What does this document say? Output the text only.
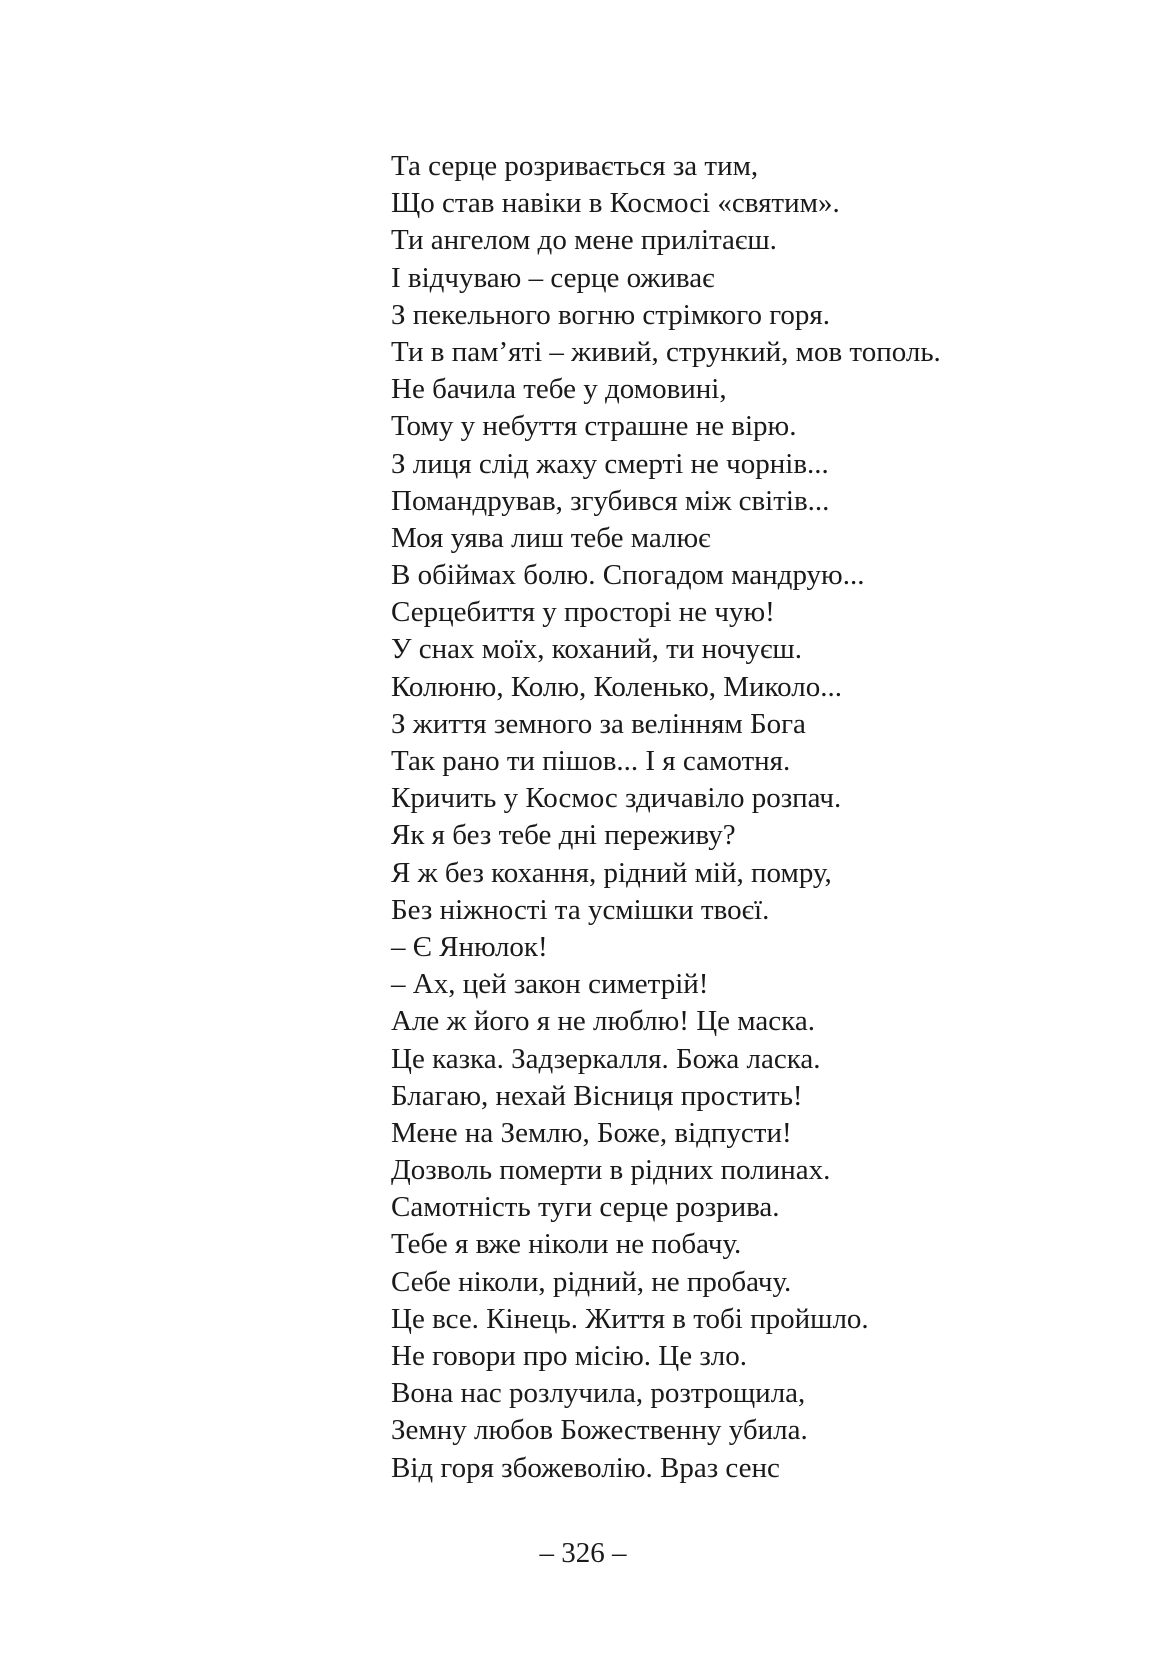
Та серце розривається за тим,
Що став навіки в Космосі «святим».
Ти ангелом до мене прилітаєш.
І відчуваю – серце оживає
З пекельного вогню стрімкого горя.
Ти в пам’яті – живий, стрункий, мов тополь.
Не бачила тебе у домовині,
Тому у небуття страшне не вірю.
З лиця слід жаху смерті не чорнів...
Помандрував, згубився між світів...
Моя уява лиш тебе малює
В обіймах болю. Спогадом мандрую...
Серцебиття у просторі не чую!
У снах моїх, коханий, ти ночуєш.
Колюню, Колю, Коленько, Миколо...
З життя земного за велінням Бога
Так рано ти пішов... І я самотня.
Кричить у Космос здичавіло розпач.
Як я без тебе дні переживу?
Я ж без кохання, рідний мій, помру,
Без ніжності та усмішки твоєї.
– Є Янюлок!
– Ах, цей закон симетрій!
Але ж його я не люблю! Це маска.
Це казка. Задзеркалля. Божа ласка.
Благаю, нехай Вісниця простить!
Мене на Землю, Боже, відпусти!
Дозволь померти в рідних полинах.
Самотність туги серце розрива.
Тебе я вже ніколи не побачу.
Себе ніколи, рідний, не пробачу.
Це все. Кінець. Життя в тобі пройшло.
Не говори про місію. Це зло.
Вона нас розлучила, розтрощила,
Земну любов Божественну убила.
Від горя збожеволію. Враз сенс
– 326 –
